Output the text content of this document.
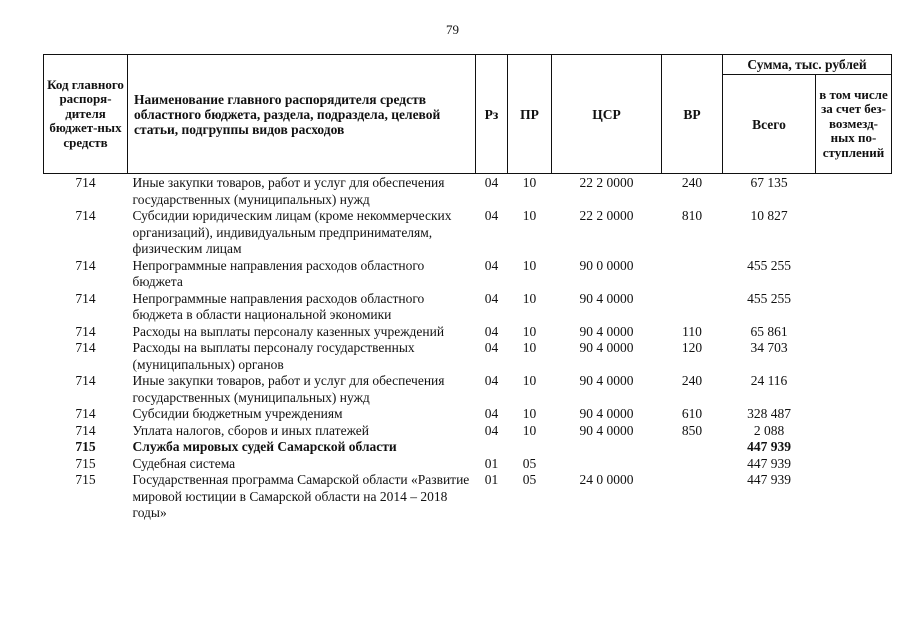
79
Код главного распоря-дителя бюджет-ных средств	Наименование главного распорядителя средств областного бюджета, раздела, подраздела, целевой статьи, подгруппы видов расходов	Рз	ПР	ЦСР	ВР	Сумма, тыс. рублей	
						Всего	в том числе за счет без-возмезд-ных по-ступлений
714	Иные закупки товаров, работ и услуг для обеспечения государственных (муниципальных) нужд	04	10	22 2 0000	240	67 135	
714	Субсидии юридическим лицам (кроме некоммерческих организаций), индивидуальным предпринимателям, физическим лицам	04	10	22 2 0000	810	10 827	
714	Непрограммные направления расходов областного бюджета	04	10	90 0 0000		455 255	
714	Непрограммные направления расходов областного бюджета в области национальной экономики	04	10	90 4 0000		455 255	
714	Расходы на выплаты персоналу казенных учреждений	04	10	90 4 0000	110	65 861	
714	Расходы на выплаты персоналу государственных (муниципальных) органов	04	10	90 4 0000	120	34 703	
714	Иные закупки товаров, работ и услуг для обеспечения государственных (муниципальных) нужд	04	10	90 4 0000	240	24 116	
714	Субсидии бюджетным учреждениям	04	10	90 4 0000	610	328 487	
714	Уплата налогов, сборов и иных платежей	04	10	90 4 0000	850	2 088	
715	Служба мировых судей Самарской области					447 939	
715	Судебная система	01	05			447 939	
715	Государственная программа Самарской области «Развитие мировой юстиции в Самарской области на 2014 – 2018 годы»	01	05	24 0 0000		447 939	
